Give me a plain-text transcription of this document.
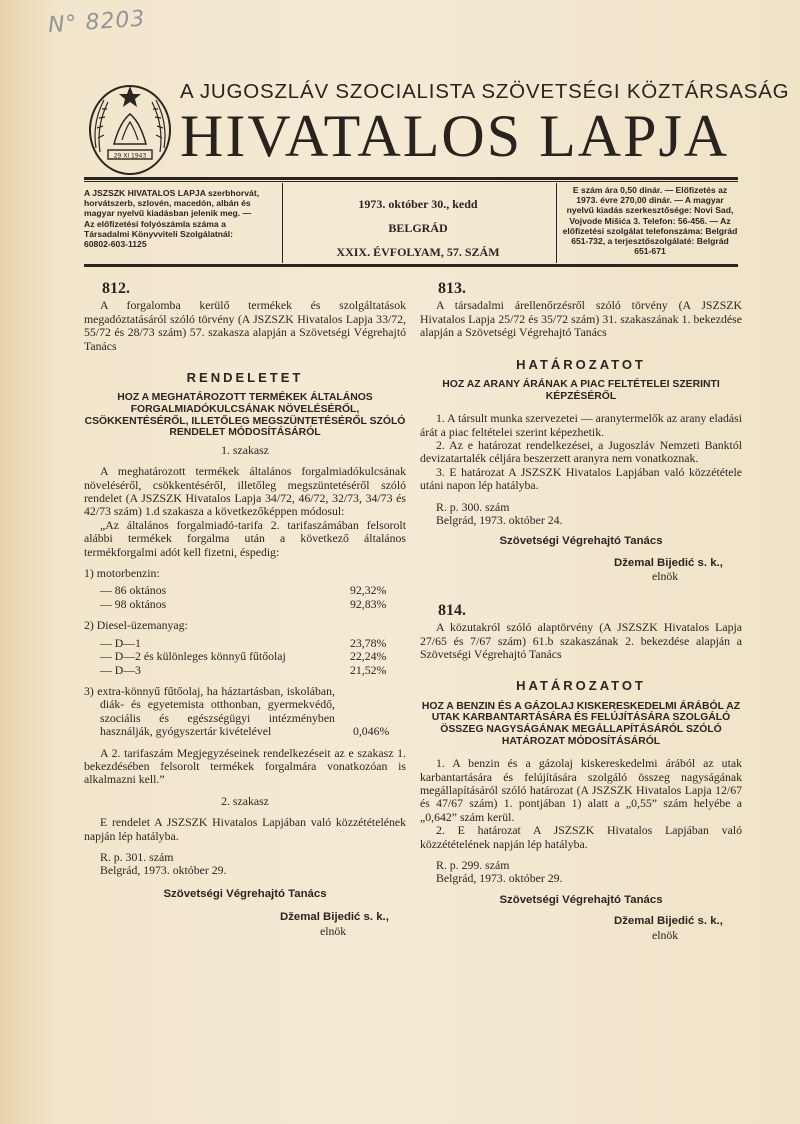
N° 8203
29 XI 1943
A JUGOSZLÁV SZOCIALISTA SZÖVETSÉGI KÖZTÁRSASÁG
HIVATALOS LAPJA
A JSZSZK HIVATALOS LAPJA szerbhorvát, horvátszerb, szlovén, macedón, albán és magyar nyelvű kiadásban jelenik meg. — Az előfizetési folyószámla száma a Társadalmi Könyvviteli Szolgálatnál: 60802-603-1125
1973. október 30., kedd
BELGRÁD
XXIX. ÉVFOLYAM, 57. SZÁM
E szám ára 0,50 dinár. — Előfizetés az 1973. évre 270,00 dinár. — A magyar nyelvű kiadás szerkesztősége: Novi Sad, Vojvode Mišića 3. Telefon: 56-456. — Az előfizetési szolgálat telefonszáma: Belgrád 651-732, a terjesztőszolgálaté: Belgrád 651-671
812.
A forgalomba kerülő termékek és szolgáltatások megadóztatásáról szóló törvény (A JSZSZK Hivatalos Lapja 33/72, 55/72 és 28/73 szám) 57. szakasza alapján a Szövetségi Végrehajtó Tanács
RENDELETET
HOZ A MEGHATÁROZOTT TERMÉKEK ÁLTALÁNOS FORGALMIADÓKULCSÁNAK NÖVELÉSÉRŐL, CSÖKKENTÉSÉRŐL, ILLETŐLEG MEGSZÜNTETÉSÉRŐL SZÓLÓ RENDELET MÓDOSÍTÁSÁRÓL
1. szakasz
A meghatározott termékek általános forgalmiadókulcsának növeléséről, csökkentéséről, illetőleg megszüntetéséről szóló rendelet (A JSZSZK Hivatalos Lapja 34/72, 46/72, 32/73, 34/73 és 42/73 szám) 1.d szakasza a következőképpen módosul:
„Az általános forgalmiadó-tarifa 2. tarifaszámában felsorolt alábbi termékek forgalma után a következő általános termékforgalmi adót kell fizetni, éspedig:
1) motorbenzin:
— 86 oktános	92,32%
— 98 oktános	92,83%
2) Diesel-üzemanyag:
— D—1	23,78%
— D—2 és különleges könnyű fűtőolaj	22,24%
— D—3	21,52%
3) extra-könnyű fűtőolaj, ha háztartásban, iskolában, diák- és egyetemista otthonban, gyermekvédő, szociális és egészségügyi intézményben használják, gyógyszertár kivételével	0,046%
A 2. tarifaszám Megjegyzéseinek rendelkezéseit az e szakasz 1. bekezdésében felsorolt termékek forgalmára vonatkozóan is alkalmazni kell.”
2. szakasz
E rendelet A JSZSZK Hivatalos Lapjában való közzétételének napján lép hatályba.
R. p. 301. szám
Belgrád, 1973. október 29.
Szövetségi Végrehajtó Tanács
Džemal Bijedić s. k.,
elnök
813.
A társadalmi árellenőrzésről szóló törvény (A JSZSZK Hivatalos Lapja 25/72 és 35/72 szám) 31. szakaszának 1. bekezdése alapján a Szövetségi Végrehajtó Tanács
HATÁROZATOT
HOZ AZ ARANY ÁRÁNAK A PIAC FELTÉTELEI SZERINTI KÉPZÉSÉRŐL
1. A társult munka szervezetei — aranytermelők az arany eladási árát a piac feltételei szerint képezhetik.
2. Az e határozat rendelkezései, a Jugoszláv Nemzeti Banktól devizatartalék céljára beszerzett aranyra nem vonatkoznak.
3. E határozat A JSZSZK Hivatalos Lapjában való közzététele utáni napon lép hatályba.
R. p. 300. szám
Belgrád, 1973. október 24.
Szövetségi Végrehajtó Tanács
Džemal Bijedić s. k.,
elnök
814.
A közutakról szóló alaptörvény (A JSZSZK Hivatalos Lapja 27/65 és 7/67 szám) 61.b szakaszának 2. bekezdése alapján a Szövetségi Végrehajtó Tanács
HATÁROZATOT
HOZ A BENZIN ÉS A GÁZOLAJ KISKERESKEDELMI ÁRÁBÓL AZ UTAK KARBANTARTÁSÁRA ÉS FELÚJÍTÁSÁRA SZOLGÁLÓ ÖSSZEG NAGYSÁGÁNAK MEGÁLLAPÍTÁSÁRÓL SZÓLÓ HATÁROZAT MÓDOSÍTÁSÁRÓL
1. A benzin és a gázolaj kiskereskedelmi árából az utak karbantartására és felújítására szolgáló összeg nagyságának megállapításáról szóló határozat (A JSZSZK Hivatalos Lapja 12/67 és 47/67 szám) 1. pontjában 1) alatt a „0,55” szám helyébe a „0,642” szám kerül.
2. E határozat A JSZSZK Hivatalos Lapjában való közzétételének napján lép hatályba.
R. p. 299. szám
Belgrád, 1973. október 29.
Szövetségi Végrehajtó Tanács
Džemal Bijedić s. k.,
elnök
